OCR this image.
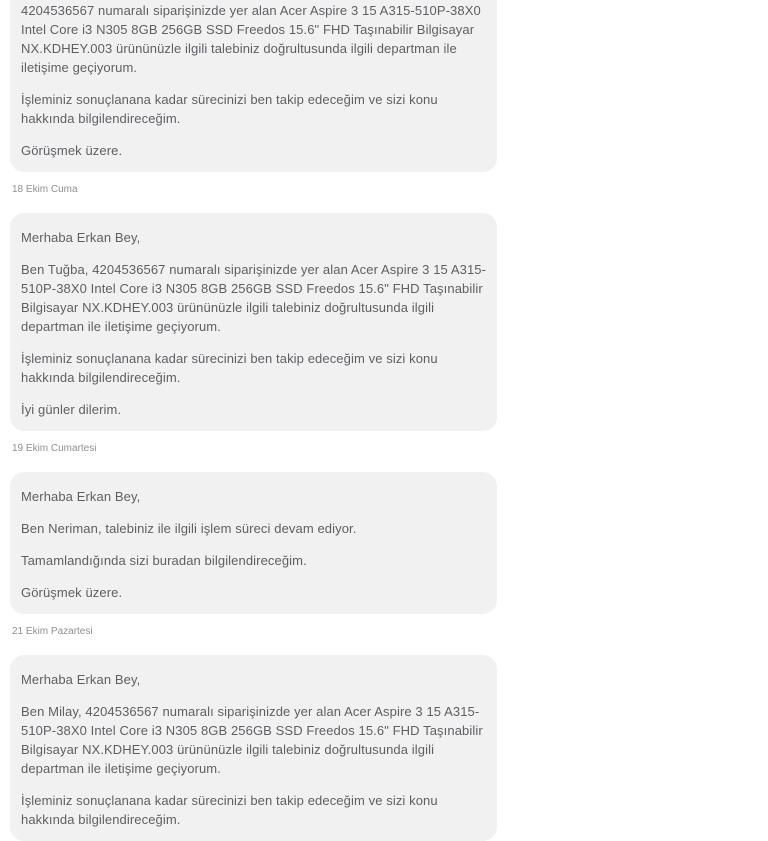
4204536567 numaralı siparişinizde yer alan Acer Aspire 3 15 A315-510P-38X0 Intel Core i3 N305 8GB 256GB SSD Freedos 15.6" FHD Taşınabilir Bilgisayar NX.KDHEY.003 ürününüzle ilgili talebiniz doğrultusunda ilgili departman ile iletişime geçiyorum.

İşleminiz sonuçlanana kadar sürecinizi ben takip edeceğim ve sizi konu hakkında bilgilendireceğim.

Görüşmek üzere.

18 Ekim Cuma

Merhaba Erkan Bey,

Ben Tuğba, 4204536567 numaralı siparişinizde yer alan Acer Aspire 3 15 A315-510P-38X0 Intel Core i3 N305 8GB 256GB SSD Freedos 15.6" FHD Taşınabilir Bilgisayar NX.KDHEY.003 ürününüzle ilgili talebiniz doğrultusunda ilgili departman ile iletişime geçiyorum.

İşleminiz sonuçlanana kadar sürecinizi ben takip edeceğim ve sizi konu hakkında bilgilendireceğim.

İyi günler dilerim.

19 Ekim Cumartesi

Merhaba Erkan Bey,

Ben Neriman, talebiniz ile ilgili işlem süreci devam ediyor.

Tamamlandığında sizi buradan bilgilendireceğim.

Görüşmek üzere.

21 Ekim Pazartesi

Merhaba Erkan Bey,

Ben Milay, 4204536567 numaralı siparişinizde yer alan Acer Aspire 3 15 A315-510P-38X0 Intel Core i3 N305 8GB 256GB SSD Freedos 15.6" FHD Taşınabilir Bilgisayar NX.KDHEY.003 ürününüzle ilgili talebiniz doğrultusunda ilgili departman ile iletişime geçiyorum.

İşleminiz sonuçlanana kadar sürecinizi ben takip edeceğim ve sizi konu hakkında bilgilendireceğim.
